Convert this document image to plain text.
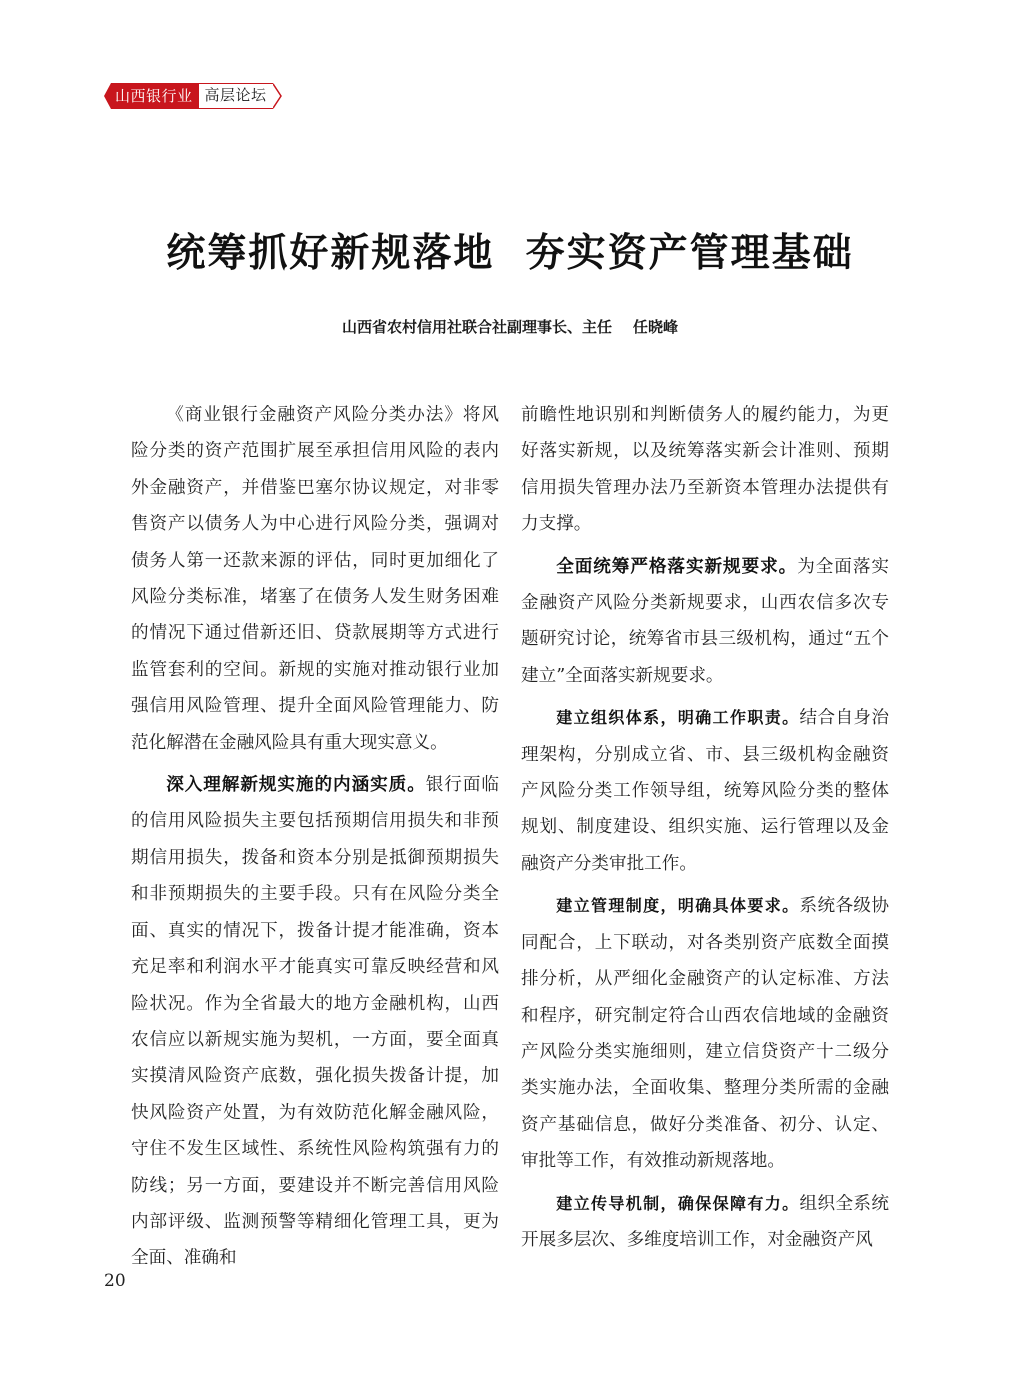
山西银行业 高层论坛
统筹抓好新规落地  夯实资产管理基础
山西省农村信用社联合社副理事长、主任    任晓峰

《商业银行金融资产风险分类办法》将风险分类的资产范围扩展至承担信用风险的表内外金融资产，并借鉴巴塞尔协议规定，对非零售资产以债务人为中心进行风险分类，强调对债务人第一还款来源的评估，同时更加细化了风险分类标准，堵塞了在债务人发生财务困难的情况下通过借新还旧、贷款展期等方式进行监管套利的空间。新规的实施对推动银行业加强信用风险管理、提升全面风险管理能力、防范化解潜在金融风险具有重大现实意义。

深入理解新规实施的内涵实质。银行面临的信用风险损失主要包括预期信用损失和非预期信用损失，拨备和资本分别是抵御预期损失和非预期损失的主要手段。只有在风险分类全面、真实的情况下，拨备计提才能准确，资本充足率和利润水平才能真实可靠反映经营和风险状况。作为全省最大的地方金融机构，山西农信应以新规实施为契机，一方面，要全面真实摸清风险资产底数，强化损失拨备计提，加快风险资产处置，为有效防范化解金融风险，守住不发生区域性、系统性风险构筑强有力的防线；另一方面，要建设并不断完善信用风险内部评级、监测预警等精细化管理工具，更为全面、准确和

前瞻性地识别和判断债务人的履约能力，为更好落实新规，以及统筹落实新会计准则、预期信用损失管理办法乃至新资本管理办法提供有力支撑。

全面统筹严格落实新规要求。为全面落实金融资产风险分类新规要求，山西农信多次专题研究讨论，统筹省市县三级机构，通过“五个建立”全面落实新规要求。

建立组织体系，明确工作职责。结合自身治理架构，分别成立省、市、县三级机构金融资产风险分类工作领导组，统筹风险分类的整体规划、制度建设、组织实施、运行管理以及金融资产分类审批工作。

建立管理制度，明确具体要求。系统各级协同配合，上下联动，对各类别资产底数全面摸排分析，从严细化金融资产的认定标准、方法和程序，研究制定符合山西农信地域的金融资产风险分类实施细则，建立信贷资产十二级分类实施办法，全面收集、整理分类所需的金融资产基础信息，做好分类准备、初分、认定、审批等工作，有效推动新规落地。

建立传导机制，确保保障有力。组织全系统开展多层次、多维度培训工作，对金融资产风

20
